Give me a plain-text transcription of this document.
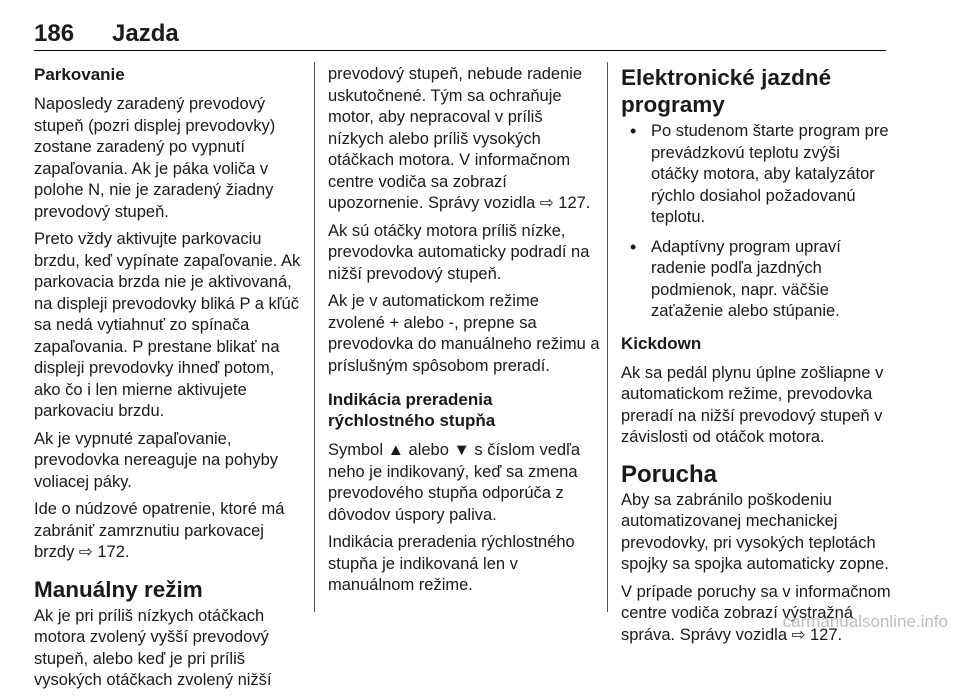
186 Jazda
Parkovanie

Naposledy zaradený prevodový stupeň (pozri displej prevodovky) zostane zaradený po vypnutí zapaľovania. Ak je páka voliča v polohe N, nie je zaradený žiadny prevodový stupeň.

Preto vždy aktivujte parkovaciu brzdu, keď vypínate zapaľovanie. Ak parkovacia brzda nie je aktivovaná, na displeji prevodovky bliká P a kľúč sa nedá vytiahnuť zo spínača zapaľovania. P prestane blikať na displeji prevodovky ihneď potom, ako čo i len mierne aktivujete parkovaciu brzdu.

Ak je vypnuté zapaľovanie, prevodovka nereaguje na pohyby voliacej páky.

Ide o núdzové opatrenie, ktoré má zabrániť zamrznutiu parkovacej brzdy ⇨ 172.

Manuálny režim

Ak je pri príliš nízkych otáčkach motora zvolený vyšší prevodový stupeň, alebo keď je pri príliš vysokých otáčkach zvolený nižší

prevodový stupeň, nebude radenie uskutočnené. Tým sa ochraňuje motor, aby nepracoval v príliš nízkych alebo príliš vysokých otáčkach motora. V informačnom centre vodiča sa zobrazí upozornenie. Správy vozidla ⇨ 127.

Ak sú otáčky motora príliš nízke, prevodovka automaticky podradí na nižší prevodový stupeň.

Ak je v automatickom režime zvolené + alebo -, prepne sa prevodovka do manuálneho režimu a príslušným spôsobom preradí.

Indikácia preradenia rýchlostného stupňa

Symbol ▲ alebo ▼ s číslom vedľa neho je indikovaný, keď sa zmena prevodového stupňa odporúča z dôvodov úspory paliva.

Indikácia preradenia rýchlostného stupňa je indikovaná len v manuálnom režime.

Elektronické jazdné programy
• Po studenom štarte program pre prevádzkovú teplotu zvýši otáčky motora, aby katalyzátor rýchlo dosiahol požadovanú teplotu.
• Adaptívny program upraví radenie podľa jazdných podmienok, napr. väčšie zaťaženie alebo stúpanie.
Kickdown

Ak sa pedál plynu úplne zošliapne v automatickom režime, prevodovka preradí na nižší prevodový stupeň v závislosti od otáčok motora.

Porucha

Aby sa zabránilo poškodeniu automatizovanej mechanickej prevodovky, pri vysokých teplotách spojky sa spojka automaticky zopne.

V prípade poruchy sa v informačnom centre vodiča zobrazí výstražná správa. Správy vozidla ⇨ 127.

carmanualsonline.info
